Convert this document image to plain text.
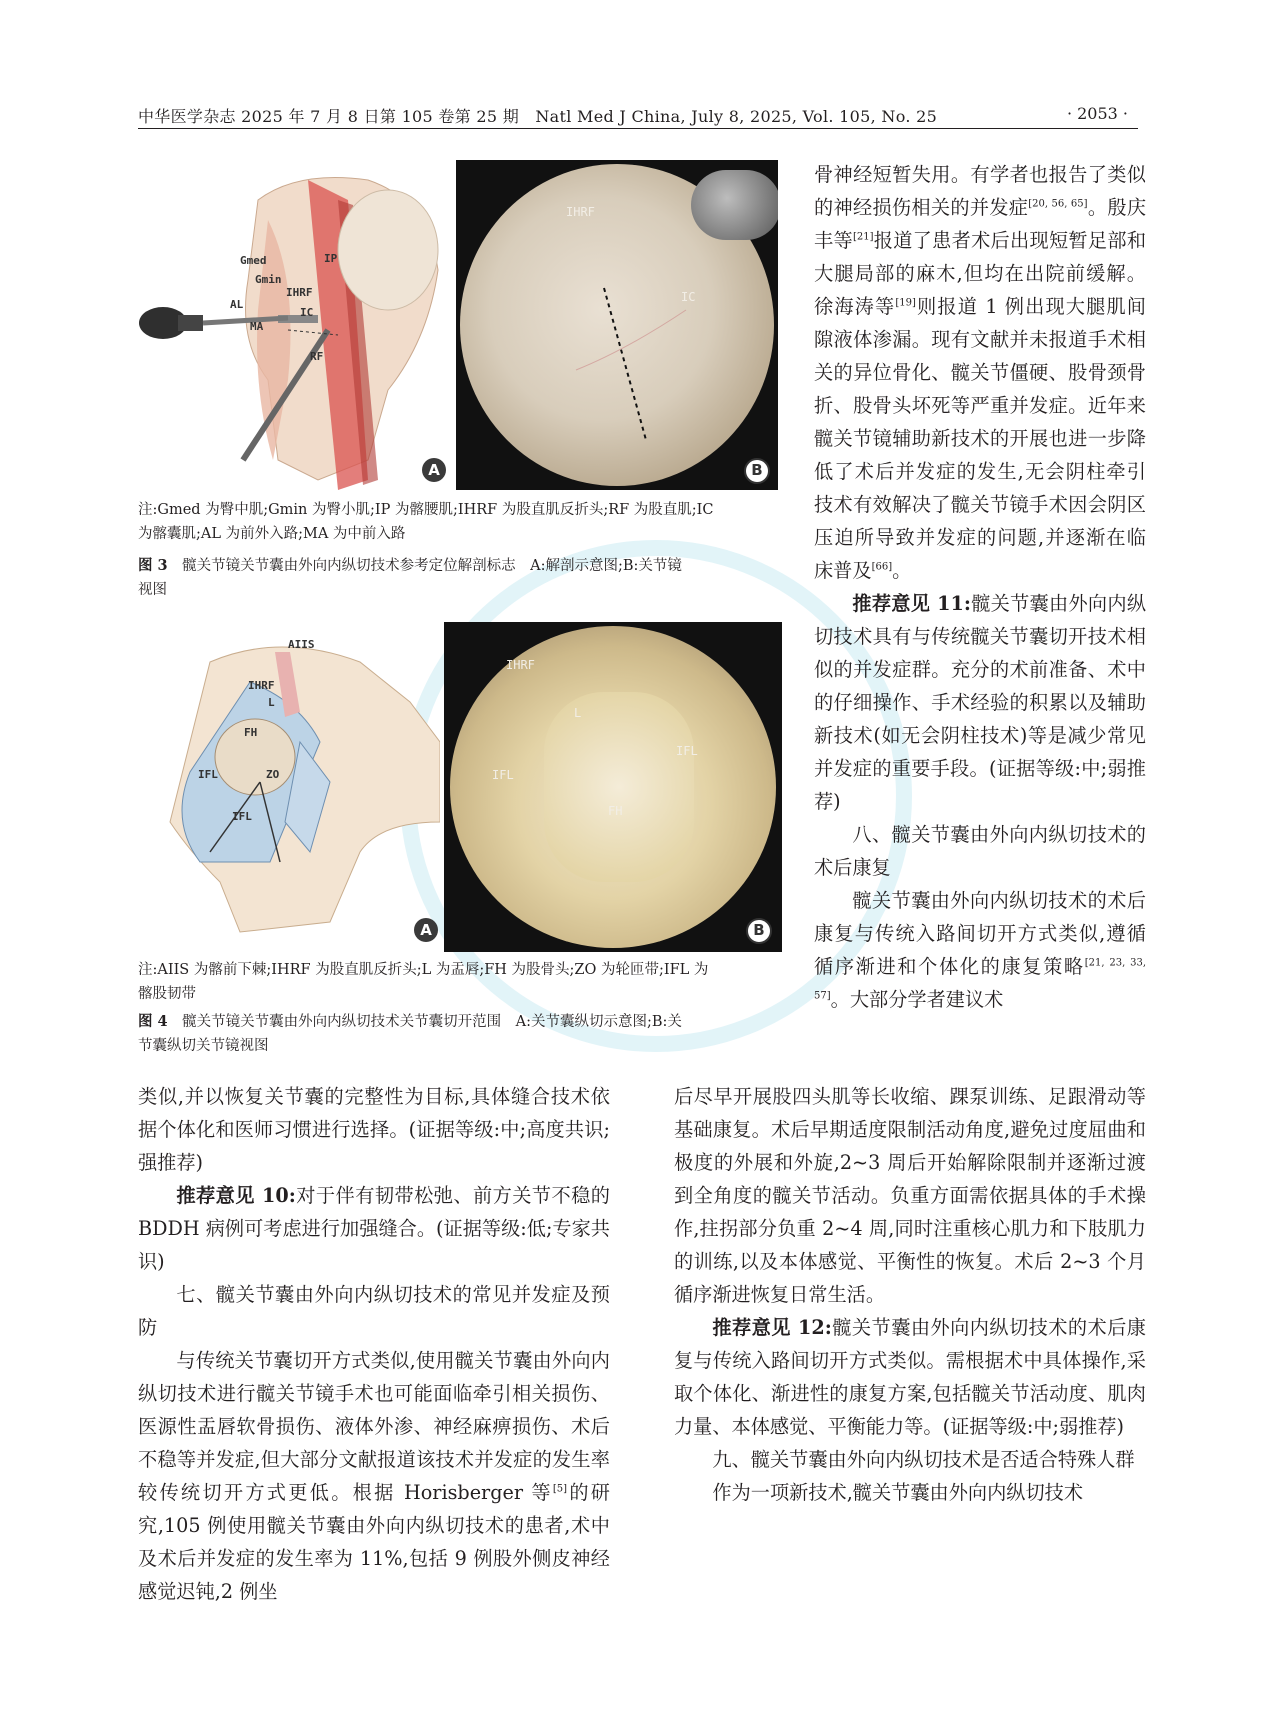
中华医学杂志 2025 年 7 月 8 日第 105 卷第 25 期　Natl Med J China, July 8, 2025, Vol. 105, No. 25	· 2053 ·
Gmed
Gmin
IP
IHRF
IC
AL
MA
RF
A
IHRF
IC
B
注:Gmed 为臀中肌;Gmin 为臀小肌;IP 为髂腰肌;IHRF 为股直肌反折头;RF 为股直肌;IC
为髂囊肌;AL 为前外入路;MA 为中前入路
图 3　 髋关节镜关节囊由外向内纵切技术参考定位解剖标志　A:解剖示意图;B:关节镜
视图
AIIS
IHRF
L
FH
IFL	ZO
IFL
A
IHRF
L
IFL
IFL
FH
B
注:AIIS 为髂前下棘;IHRF 为股直肌反折头;L 为盂唇;FH 为股骨头;ZO 为轮匝带;IFL 为
髂股韧带
图 4　 髋关节镜关节囊由外向内纵切技术关节囊切开范围　A:关节囊纵切示意图;B:关
节囊纵切关节镜视图

骨神经短暂失用。有学者也报告了类似的神经损伤相关的并发症[20, 56, 65]。殷庆丰等[21]报道了患者术后出现短暂足部和大腿局部的麻木,但均在出院前缓解。徐海涛等[19]则报道 1 例出现大腿肌间隙液体渗漏。现有文献并未报道手术相关的异位骨化、髋关节僵硬、股骨颈骨折、股骨头坏死等严重并发症。近年来髋关节镜辅助新技术的开展也进一步降低了术后并发症的发生,无会阴柱牵引技术有效解决了髋关节镜手术因会阴区压迫所导致并发症的问题,并逐渐在临床普及[66]。

推荐意见 11:髋关节囊由外向内纵切技术具有与传统髋关节囊切开技术相似的并发症群。充分的术前准备、术中的仔细操作、手术经验的积累以及辅助新技术(如无会阴柱技术)等是减少常见并发症的重要手段。(证据等级:中;弱推荐)

八、髋关节囊由外向内纵切技术的术后康复

髋关节囊由外向内纵切技术的术后康复与传统入路间切开方式类似,遵循循序渐进和个体化的康复策略[21, 23, 33, 57]。大部分学者建议术

类似,并以恢复关节囊的完整性为目标,具体缝合技术依据个体化和医师习惯进行选择。(证据等级:中;高度共识;强推荐)

推荐意见 10:对于伴有韧带松弛、前方关节不稳的 BDDH 病例可考虑进行加强缝合。(证据等级:低;专家共识)

七、髋关节囊由外向内纵切技术的常见并发症及预防

与传统关节囊切开方式类似,使用髋关节囊由外向内纵切技术进行髋关节镜手术也可能面临牵引相关损伤、医源性盂唇软骨损伤、液体外渗、神经麻痹损伤、术后不稳等并发症,但大部分文献报道该技术并发症的发生率较传统切开方式更低。根据 Horisberger 等[5]的研究,105 例使用髋关节囊由外向内纵切技术的患者,术中及术后并发症的发生率为 11%,包括 9 例股外侧皮神经感觉迟钝,2 例坐

后尽早开展股四头肌等长收缩、踝泵训练、足跟滑动等基础康复。术后早期适度限制活动角度,避免过度屈曲和极度的外展和外旋,2~3 周后开始解除限制并逐渐过渡到全角度的髋关节活动。负重方面需依据具体的手术操作,拄拐部分负重 2~4 周,同时注重核心肌力和下肢肌力的训练,以及本体感觉、平衡性的恢复。术后 2~3 个月循序渐进恢复日常生活。

推荐意见 12:髋关节囊由外向内纵切技术的术后康复与传统入路间切开方式类似。需根据术中具体操作,采取个体化、渐进性的康复方案,包括髋关节活动度、肌肉力量、本体感觉、平衡能力等。(证据等级:中;弱推荐)

九、髋关节囊由外向内纵切技术是否适合特殊人群

作为一项新技术,髋关节囊由外向内纵切技术
